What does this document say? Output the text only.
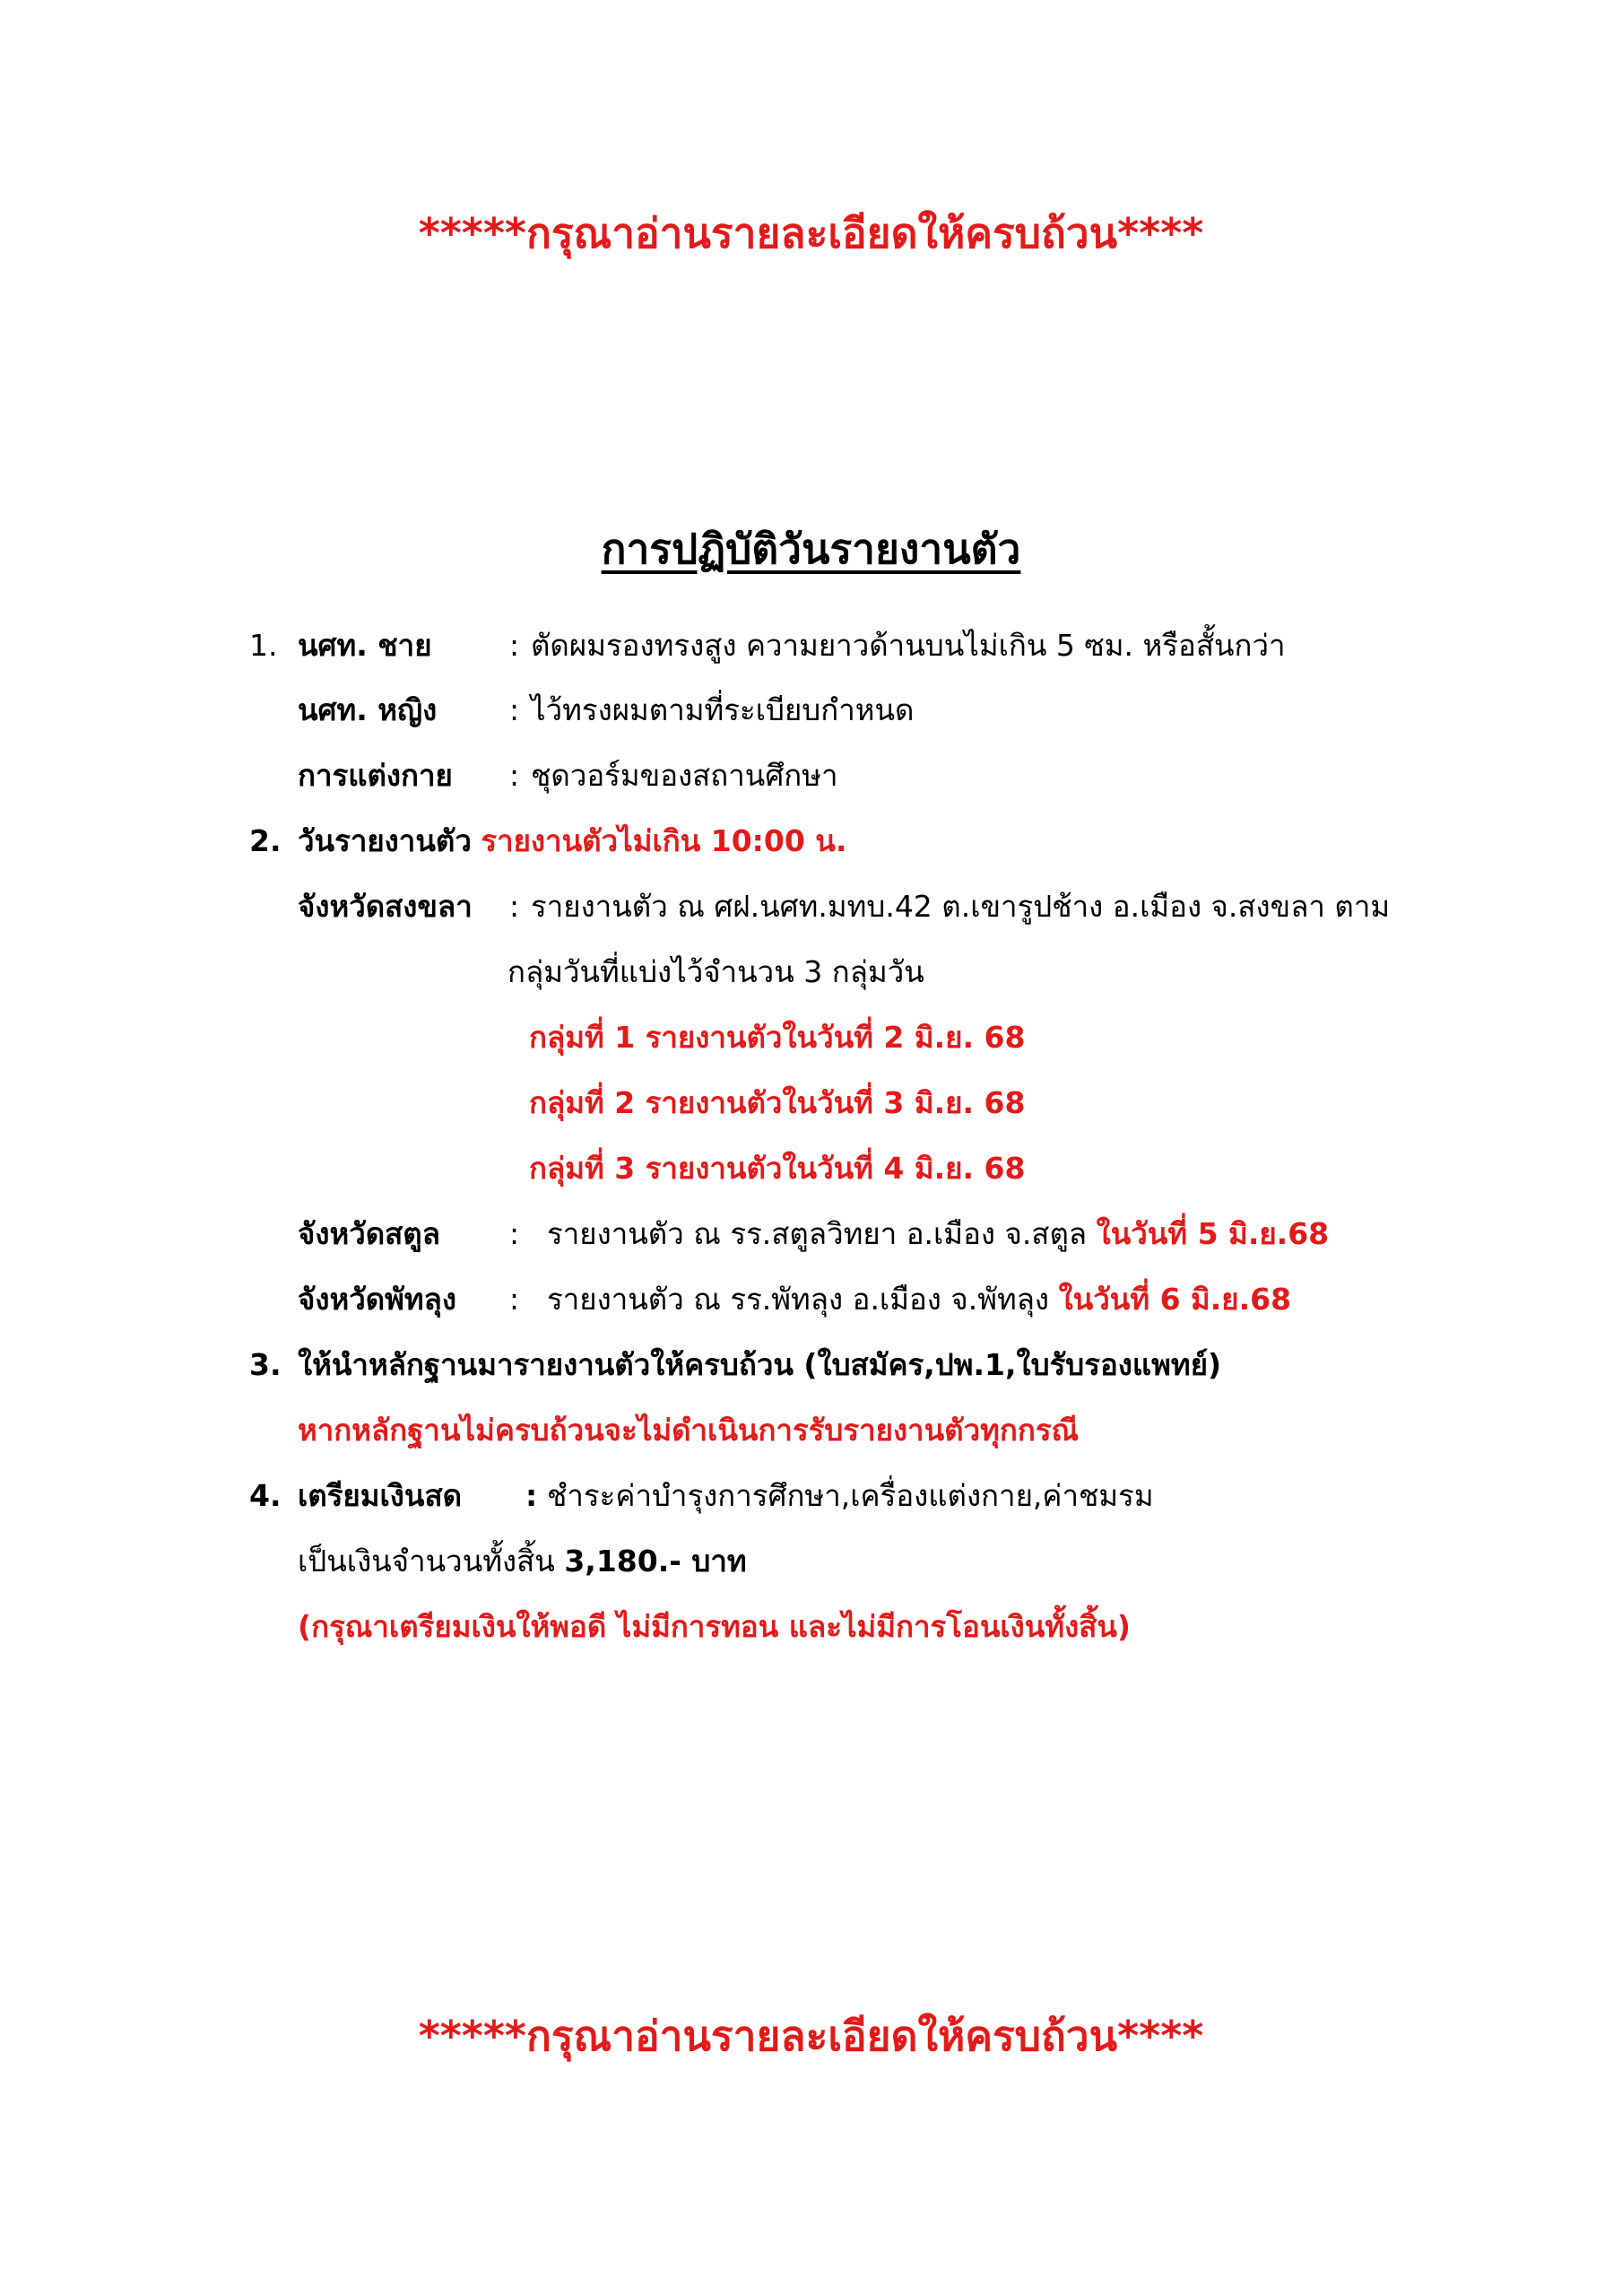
*****กรุณาอ่านรายละเอียดให้ครบถ้วน****
การปฏิบัติวันรายงานตัว
1. นศท. ชาย	: ตัดผมรองทรงสูง ความยาวด้านบนไม่เกิน 5 ซม. หรือสั้นกว่า
นศท. หญิง : ไว้ทรงผมตามที่ระเบียบกำหนด
การแต่งกาย : ชุดวอร์มของสถานศึกษา
2. วันรายงานตัว รายงานตัวไม่เกิน 10:00 น.
จังหวัดสงขลา : รายงานตัว ณ ศฝ.นศท.มทบ.42 ต.เขารูปช้าง อ.เมือง จ.สงขลา ตาม
กลุ่มวันที่แบ่งไว้จำนวน 3 กลุ่มวัน
กลุ่มที่ 1 รายงานตัวในวันที่ 2 มิ.ย. 68
กลุ่มที่ 2 รายงานตัวในวันที่ 3 มิ.ย. 68
กลุ่มที่ 3 รายงานตัวในวันที่ 4 มิ.ย. 68
จังหวัดสตูล : รายงานตัว ณ รร.สตูลวิทยา อ.เมือง จ.สตูล ในวันที่ 5 มิ.ย.68
จังหวัดพัทลุง : รายงานตัว ณ รร.พัทลุง อ.เมือง จ.พัทลุง ในวันที่ 6 มิ.ย.68
3. ให้นำหลักฐานมารายงานตัวให้ครบถ้วน (ใบสมัคร,ปพ.1,ใบรับรองแพทย์)
หากหลักฐานไม่ครบถ้วนจะไม่ดำเนินการรับรายงานตัวทุกกรณี
4. เตรียมเงินสด : ชำระค่าบำรุงการศึกษา,เครื่องแต่งกาย,ค่าชมรม
เป็นเงินจำนวนทั้งสิ้น 3,180.- บาท
(กรุณาเตรียมเงินให้พอดี ไม่มีการทอน และไม่มีการโอนเงินทั้งสิ้น)
*****กรุณาอ่านรายละเอียดให้ครบถ้วน****
